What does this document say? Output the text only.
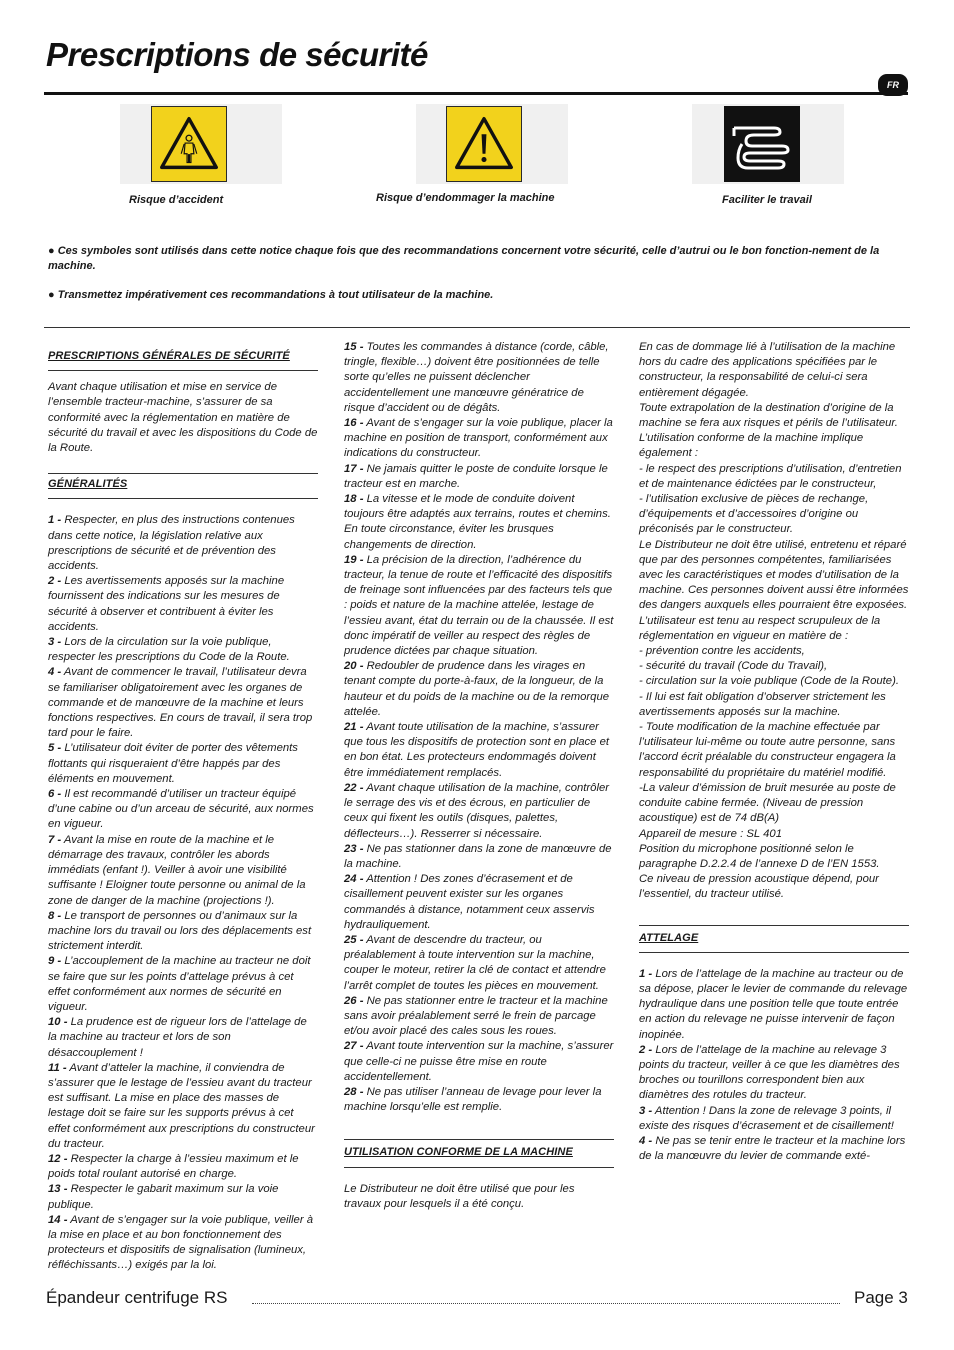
Prescriptions de sécurité
FR
Risque d’accident	Risque d’endommager la machine	Faciliter le travail
● Ces symboles sont utilisés dans cette notice chaque fois que des recommandations concernent votre sécurité, celle d’autrui ou le bon fonction-nement de la machine.
● Transmettez impérativement ces recommandations à tout utilisateur de la machine.
PRESCRIPTIONS GÉNÉRALES DE SÉCURITÉ

Avant chaque utilisation et mise en service de l’ensemble tracteur-machine, s’assurer de sa conformité avec la réglementation en matière de sécurité du travail et avec les dispositions du Code de la Route.

GÉNÉRALITÉS

1 - Respecter, en plus des instructions contenues dans cette notice, la législation relative aux prescriptions de sécurité et de prévention des accidents.

2 - Les avertissements apposés sur la machine fournissent des indications sur les mesures de sécurité à observer et contribuent à éviter les accidents.

3 - Lors de la circulation sur la voie publique, respecter les prescriptions du Code de la Route.

4 - Avant de commencer le travail, l’utilisateur devra se familiariser obligatoirement avec les organes de commande et de manœuvre de la machine et leurs fonctions respectives. En cours de travail, il sera trop tard pour le faire.

5 - L’utilisateur doit éviter de porter des vêtements flottants qui risqueraient d’être happés par des éléments en mouvement.

6 - Il est recommandé d’utiliser un tracteur équipé d’une cabine ou d’un arceau de sécurité, aux normes en vigueur.

7 - Avant la mise en route de la machine et le démarrage des travaux, contrôler les abords immédiats (enfant !). Veiller à avoir une visibilité suffisante ! Eloigner toute personne ou animal de la zone de danger de la machine (projections !).

8 - Le transport de personnes ou d’animaux sur la machine lors du travail ou lors des déplacements est strictement interdit.

9 - L’accouplement de la machine au tracteur ne doit se faire que sur les points d’attelage prévus à cet effet conformément aux normes de sécurité en vigueur.

10 - La prudence est de rigueur lors de l’attelage de la machine au tracteur et lors de son désaccouplement !

11 - Avant d’atteler la machine, il conviendra de s’assurer que le lestage de l’essieu avant du tracteur est suffisant. La mise en place des masses de lestage doit se faire sur les supports prévus à cet effet conformément aux prescriptions du constructeur du tracteur.

12 - Respecter la charge à l’essieu maximum et le poids total roulant autorisé en charge.

13 - Respecter le gabarit maximum sur la voie publique.

14 - Avant de s’engager sur la voie publique, veiller à la mise en place et au bon fonctionnement des protecteurs et dispositifs de signalisation (lumineux, réfléchissants…) exigés par la loi.

15 - Toutes les commandes à distance (corde, câble, tringle, flexible…) doivent être positionnées de telle sorte qu’elles ne puissent déclencher accidentellement une manœuvre génératrice de risque d’accident ou de dégâts.

16 - Avant de s’engager sur la voie publique, placer la machine en position de transport, conformément aux indications du constructeur.

17 - Ne jamais quitter le poste de conduite lorsque le tracteur est en marche.

18 - La vitesse et le mode de conduite doivent toujours être adaptés aux terrains, routes et chemins. En toute circonstance, éviter les brusques changements de direction.

19 - La précision de la direction, l’adhérence du tracteur, la tenue de route et l’efficacité des dispositifs de freinage sont influencées par des facteurs tels que : poids et nature de la machine attelée, lestage de l’essieu avant, état du terrain ou de la chaussée. Il est donc impératif de veiller au respect des règles de prudence dictées par chaque situation.

20 - Redoubler de prudence dans les virages en tenant compte du porte-à-faux, de la longueur, de la hauteur et du poids de la machine ou de la remorque attelée.

21 - Avant toute utilisation de la machine, s’assurer que tous les dispositifs de protection sont en place et en bon état. Les protecteurs endommagés doivent être immédiatement remplacés.

22 - Avant chaque utilisation de la machine, contrôler le serrage des vis et des écrous, en particulier de ceux qui fixent les outils (disques, palettes, déflecteurs…). Resserrer si nécessaire.

23 - Ne pas stationner dans la zone de manœuvre de la machine.

24 - Attention ! Des zones d’écrasement et de cisaillement peuvent exister sur les organes commandés à distance, notamment ceux asservis hydrauliquement.

25 - Avant de descendre du tracteur, ou préalablement à toute intervention sur la machine, couper le moteur, retirer la clé de contact et attendre l’arrêt complet de toutes les pièces en mouvement.

26 - Ne pas stationner entre le tracteur et la machine sans avoir préalablement serré le frein de parcage et/ou avoir placé des cales sous les roues.

27 - Avant toute intervention sur la machine, s’assurer que celle-ci ne puisse être mise en route accidentellement.

28 - Ne pas utiliser l’anneau de levage pour lever la machine lorsqu’elle est remplie.

UTILISATION CONFORME DE LA MACHINE

Le Distributeur ne doit être utilisé que pour les travaux pour lesquels il a été conçu.

En cas de dommage lié à l’utilisation de la machine hors du cadre des applications spécifiées par le constructeur, la responsabilité de celui-ci sera entièrement dégagée.

Toute extrapolation de la destination d’origine de la machine se fera aux risques et périls de l’utilisateur.

L’utilisation conforme de la machine implique également :

- le respect des prescriptions d’utilisation, d’entretien et de maintenance édictées par le constructeur,

- l’utilisation exclusive de pièces de rechange, d’équipements et d’accessoires d’origine ou préconisés par le constructeur.

Le Distributeur ne doit être utilisé, entretenu et réparé que par des personnes compétentes, familiarisées avec les caractéristiques et modes d’utilisation de la machine. Ces personnes doivent aussi être informées des dangers auxquels elles pourraient être exposées.

L’utilisateur est tenu au respect scrupuleux de la réglementation en vigueur en matière de :

- prévention contre les accidents,

- sécurité du travail (Code du Travail),

- circulation sur la voie publique (Code de la Route).

- Il lui est fait obligation d’observer strictement les avertissements apposés sur la machine.

- Toute modification de la machine effectuée par l’utilisateur lui-même ou toute autre personne, sans l’accord écrit préalable du constructeur engagera la responsabilité du propriétaire du matériel modifié.

-La valeur d’émission de bruit mesurée au poste de conduite cabine fermée. (Niveau de pression acoustique) est de 74 dB(A)

Appareil de mesure : SL 401

Position du microphone positionné selon le paragraphe D.2.2.4 de l’annexe D de l’EN 1553.

Ce niveau de pression acoustique dépend, pour l’essentiel, du tracteur utilisé.

ATTELAGE

1 - Lors de l’attelage de la machine au tracteur ou de sa dépose, placer le levier de commande du relevage hydraulique dans une position telle que toute entrée en action du relevage ne puisse intervenir de façon inopinée.

2 - Lors de l’attelage de la machine au relevage 3 points du tracteur, veiller à ce que les diamètres des broches ou tourillons correspondent bien aux diamètres des rotules du tracteur.

3 - Attention ! Dans la zone de relevage 3 points, il existe des risques d’écrasement et de cisaillement!

4 - Ne pas se tenir entre le tracteur et la machine lors de la manœuvre du levier de commande exté-

Épandeur centrifuge RS	Page 3
